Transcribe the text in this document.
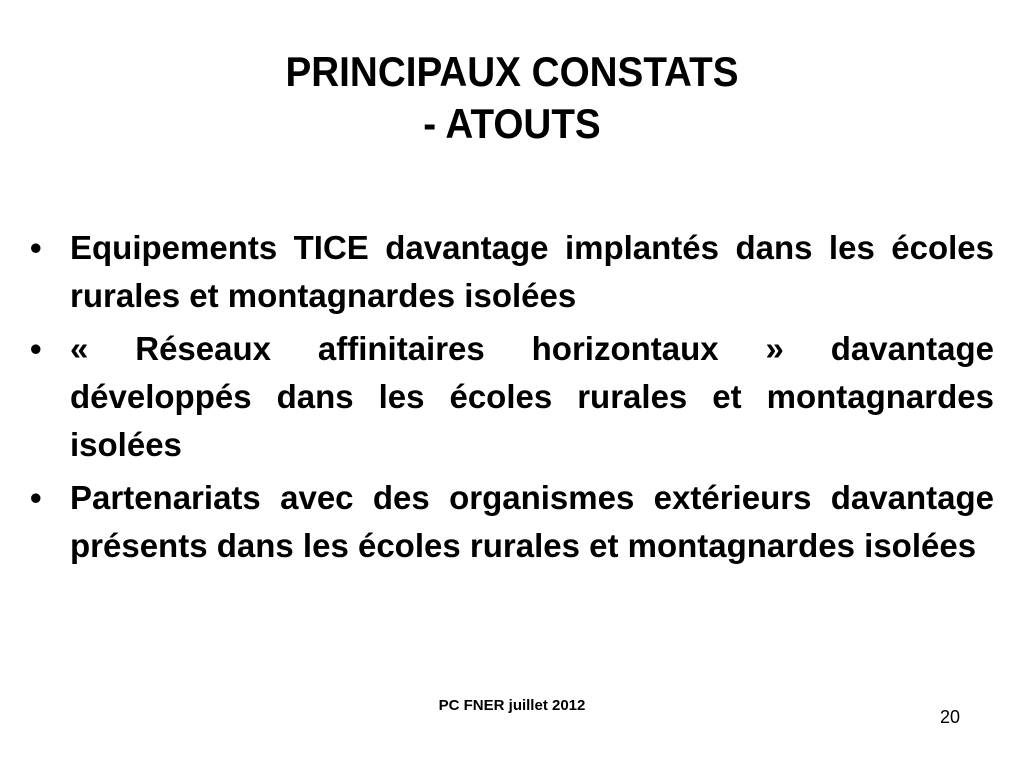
PRINCIPAUX CONSTATS
- ATOUTS
• Equipements TICE davantage implantés dans les écoles rurales et montagnardes isolées
• « Réseaux affinitaires horizontaux » davantage développés dans les écoles rurales et montagnardes isolées
• Partenariats avec des organismes extérieurs davantage présents dans les écoles rurales et montagnardes isolées
PC FNER juillet 2012
20
